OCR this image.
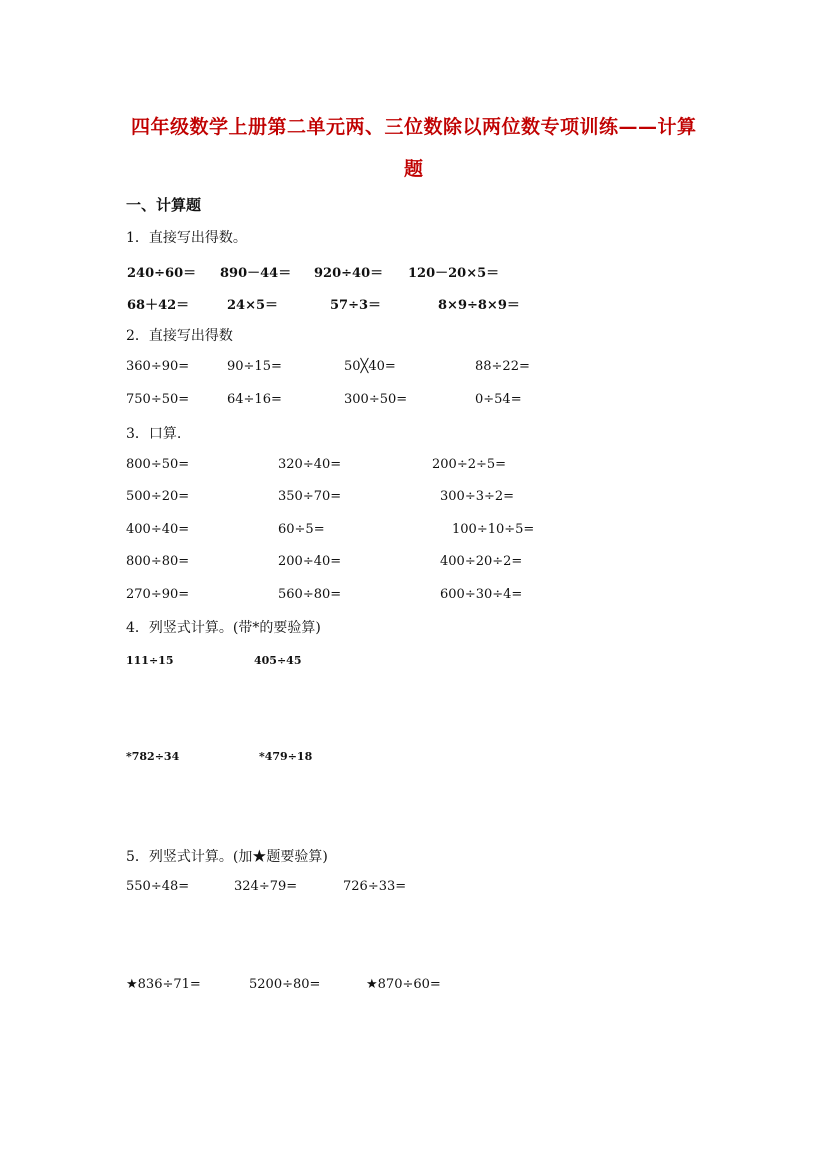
四年级数学上册第二单元两、三位数除以两位数专项训练——计算
题
一、计算题
1．直接写出得数。
240÷60＝ 890－44＝ 920÷40＝ 120－20×5＝
68＋42＝	24×5＝	57÷3＝	8×9÷8×9＝
2．直接写出得数
360÷90=	90÷15=	50╳40=	88÷22=
750÷50=	64÷16=	300÷50=	0÷54=
3．口算.
800÷50=	320÷40=	200÷2÷5=
500÷20=	350÷70=	300÷3÷2=
400÷40=	60÷5=	100÷10÷5=
800÷80=	200÷40=	400÷20÷2=
270÷90=	560÷80=	600÷30÷4=
4．列竖式计算。(带*的要验算)
111÷15	405÷45
*782÷34	*479÷18
5．列竖式计算。(加★题要验算)
550÷48=	324÷79=	726÷33=
★836÷71=	5200÷80=	★870÷60=
